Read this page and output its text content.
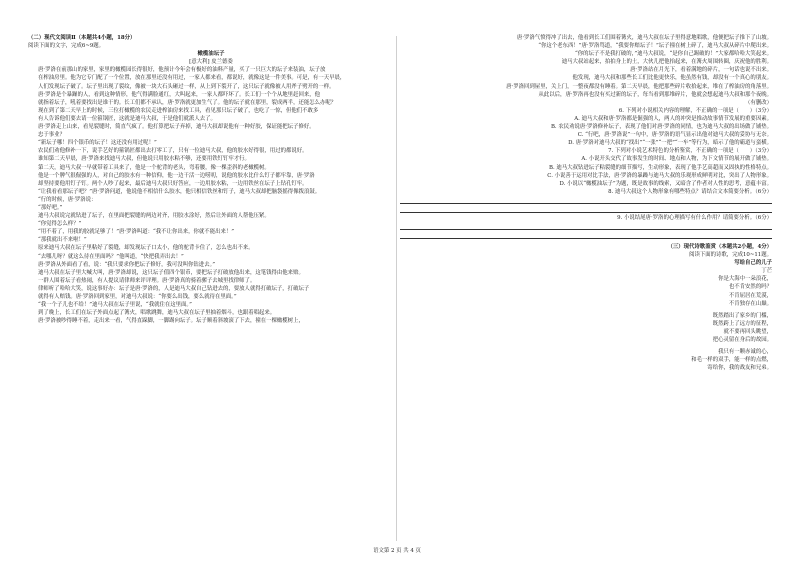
（二）现代文阅读Ⅱ（本题共4小题，18分）
阅读下面的文字，完成6~9题。
橄榄油坛子
[意大利] 皮兰德娄
唐·罗洛在前那山的家里，家里的橄榄园长得很好，他预计今年会有极好的油料产量，买了一只巨大的坛子来装油，坛子放
在榨油房里。他为它专门配了一个位置，放在那里还没有用过，一家人都来看，都说好，就像这是一件美事。可是，有一天早晨，
人们发现坛子破了。坛子里出现了裂纹，像被一块大石头砸过一样，从上到下裂开了，这只坛子就像被人用斧子劈开的一样。
唐·罗洛是个暴躁的人，看到这种情形，他气得满脸通红，大叫起来，一家人都吓坏了。长工们一个个从地里赶回来，他
就指着坛子，吼着要找出是谁干的。长工们都不承认，唐·罗洛就更加生气了。他的坛子就在那里，裂成两半，还能怎么办呢？
现在到了第二天早上的时候，三位打橄榄的农民走进榨油房来找工具，看见那只坛子破了，也吃了一惊，但他们不敢多
有人告诉他们要去请一位箍锅匠，这就是迪马大叔，于是他们就派人去了。
唐·罗洛走上山来，看见裂缝时，简直气疯了。他打算把坛子弃掉，迪马大叔却说他有一种好胶，保证能把坛子修好。
忠于事业？
“新坛子哪！四个银币的坛子！这还没有用过呢！”
农民们劝他修补一下，说手艺好的箍锅匠都出去打零工了，只有一位迪马大叔，他的胶水好得很，用过的都说好。
谁知第二天早晨，唐·罗洛来找迪马大叔，但他说只用胶水粘不够，还要用铁钉钉牢才行。
第二天，迪马大叔一早就带着工具来了，他是一个驼背的老头，弯着腰，像一棵歪斜的老橄榄树。
他是一个脾气很倔强的人，对自己的胶水有一种信仰，他一边干活一边唠叨，说他的胶水比什么钉子都牢靠，唐·罗洛
却坚持要他用钉子钉。两个人吵了起来，最后迪马大叔只好答应，一边用胶水粘，一边用铁丝在坛子上钻孔钉牢。
“让我看看那坛子吧？”唐·罗洛问道，他说他不相信什么胶水，他只相信铁丝和钉子，迪马大叔却把脑袋摇得像拨浪鼓。
“行的时候，唐·罗洛说：
“那好吧。”
迪马大叔说完就钻进了坛子，在里面把裂缝的两边对齐，用胶水涂好，然后让外面的人帮他压紧。
“你觉得怎么样？”
“用不着了，用我的胶就足够了！”唐·罗洛叫道：“我不让你出来，你就不能出来！”
“那我就出不来啦！”
原来迪马大叔在坛子里粘好了裂缝，却发现坛子口太小，他的驼背卡住了，怎么也出不来。
“去哪儿呀？就这么待在里面吗？”他叫道，“快把我弄出去！”
唐·罗洛从外面看了看，说：“我只要求你把坛子修好，我可没叫你钻进去。”
迪马大叔在坛子里大喊大叫，唐·罗洛却说，这只坛子值四个银币，要把坛子打破放他出来，这笔钱得由他来赔。
一群人围着坛子看热闹，有人提议请律师来评评理。唐·罗洛真的骑着骡子去城里找律师了。
律师听了哈哈大笑，说这事好办：坛子是唐·罗洛的，人是迪马大叔自己钻进去的，要放人就得打破坛子，打破坛子
就得有人赔钱。唐·罗洛回到家里，对迪马大叔说：“你要么出钱，要么就待在里面。”
“我一个子儿也不给！”迪马大叔在坛子里说，“我就住在这里面。”
到了晚上，长工们在坛子外面点起了篝火，唱歌跳舞，迪马大叔在坛子里抽着烟斗，也跟着唱起来。
唐·罗洛被吵得睡不着，走出来一看，气得直跺脚，一脚踢向坛子。坛子顺着斜坡滚了下去，撞在一棵橄榄树上，
唐·罗洛气愤得冲了出去，他看到长工们围着篝火，迪马大叔在坛子里得意地唱歌，他便把坛子推下了山坡。
“你这个老东西！”唐·罗洛骂道，“我要你赔坛子！”坛子撞在树上碎了，迪马大叔从碎片中爬出来。
“你的坛子不是我打破的，”迪马大叔说，“是你自己踢破的！”大家都哈哈大笑起来。
迪马大叔站起来，拍拍身上的土，大伙儿把他抬起来，在篝火周围转圈，庆祝他的胜利。
唐·罗洛站在月光下，看着满地的碎片，一句话也说不出来。
他发现，迪马大叔和那些长工们比他更快乐，他虽然有钱，却没有一个真心的朋友。
唐·罗洛回到屋里，关上门，一整夜都没有睡着。第二天早晨，他把那些碎片收拾起来，堆在了榨油房的角落里。
从此以后，唐·罗洛再也没有买过新的坛子，每当看到那堆碎片，他就会想起迪马大叔和那个夜晚。
（有删改）
6. 下列对小说相关内容的理解，不正确的一项是（　　）（3分）
A. 迪马大叔和唐·罗洛都是倔强的人，两人的冲突是推动故事情节发展的重要因素。
B. 农民劝说唐·罗洛修补坛子，表现了他们对唐·罗洛的同情，也为迪马大叔的出场做了铺垫。
C. “行吧，唐·罗洛说”一句中，唐·罗洛的语气显示出他对迪马大叔的妥协与无奈。
D. 唐·罗洛对迪马大叔的“找出”“一张”“一把”“一车”等行为，暗示了他的霸道与蛮横。
7. 下列对小说艺术特色的分析鉴赏，不正确的一项是（　　）（3分）
A. 小说开头交代了故事发生的时间、地点和人物，为下文情节的展开做了铺垫。
B. 迪马大叔钻进坛子粘裂缝的细节描写，生动形象，表现了他手艺高超而又固执的性格特点。
C. 小说善于运用对比手法，唐·罗洛的暴躁与迪马大叔的乐观形成鲜明对比，突出了人物形象。
D. 小说以“橄榄油坛子”为题，既是故事的线索，又暗含了作者对人性的思考，意蕴丰富。
8. 迪马大叔这个人物形象有哪些特点？请结合文本简要分析。（6分）
9. 小说结尾唐·罗洛的心理描写有什么作用？请简要分析。（6分）
（三）现代诗歌鉴赏（本题共2小题，4分）
阅读下面的诗歌，完成10~11题。
写给自己的儿子
丁芒
你是大海中一朵浪花，
也不肯安然的吗？
不肯屈居在荒漠，
不肯独存在山巅。
既然踏出了家乡的门槛，
既然跨上了远方的征程，
就不要再回头眺望，
把心灵留在身后的故园。
我只有一颗赤诚的心，
和毛一样的双手，能一样的点燃，
寄给你，我的战友和兄弟。
语文第 2 页 共 4 页
